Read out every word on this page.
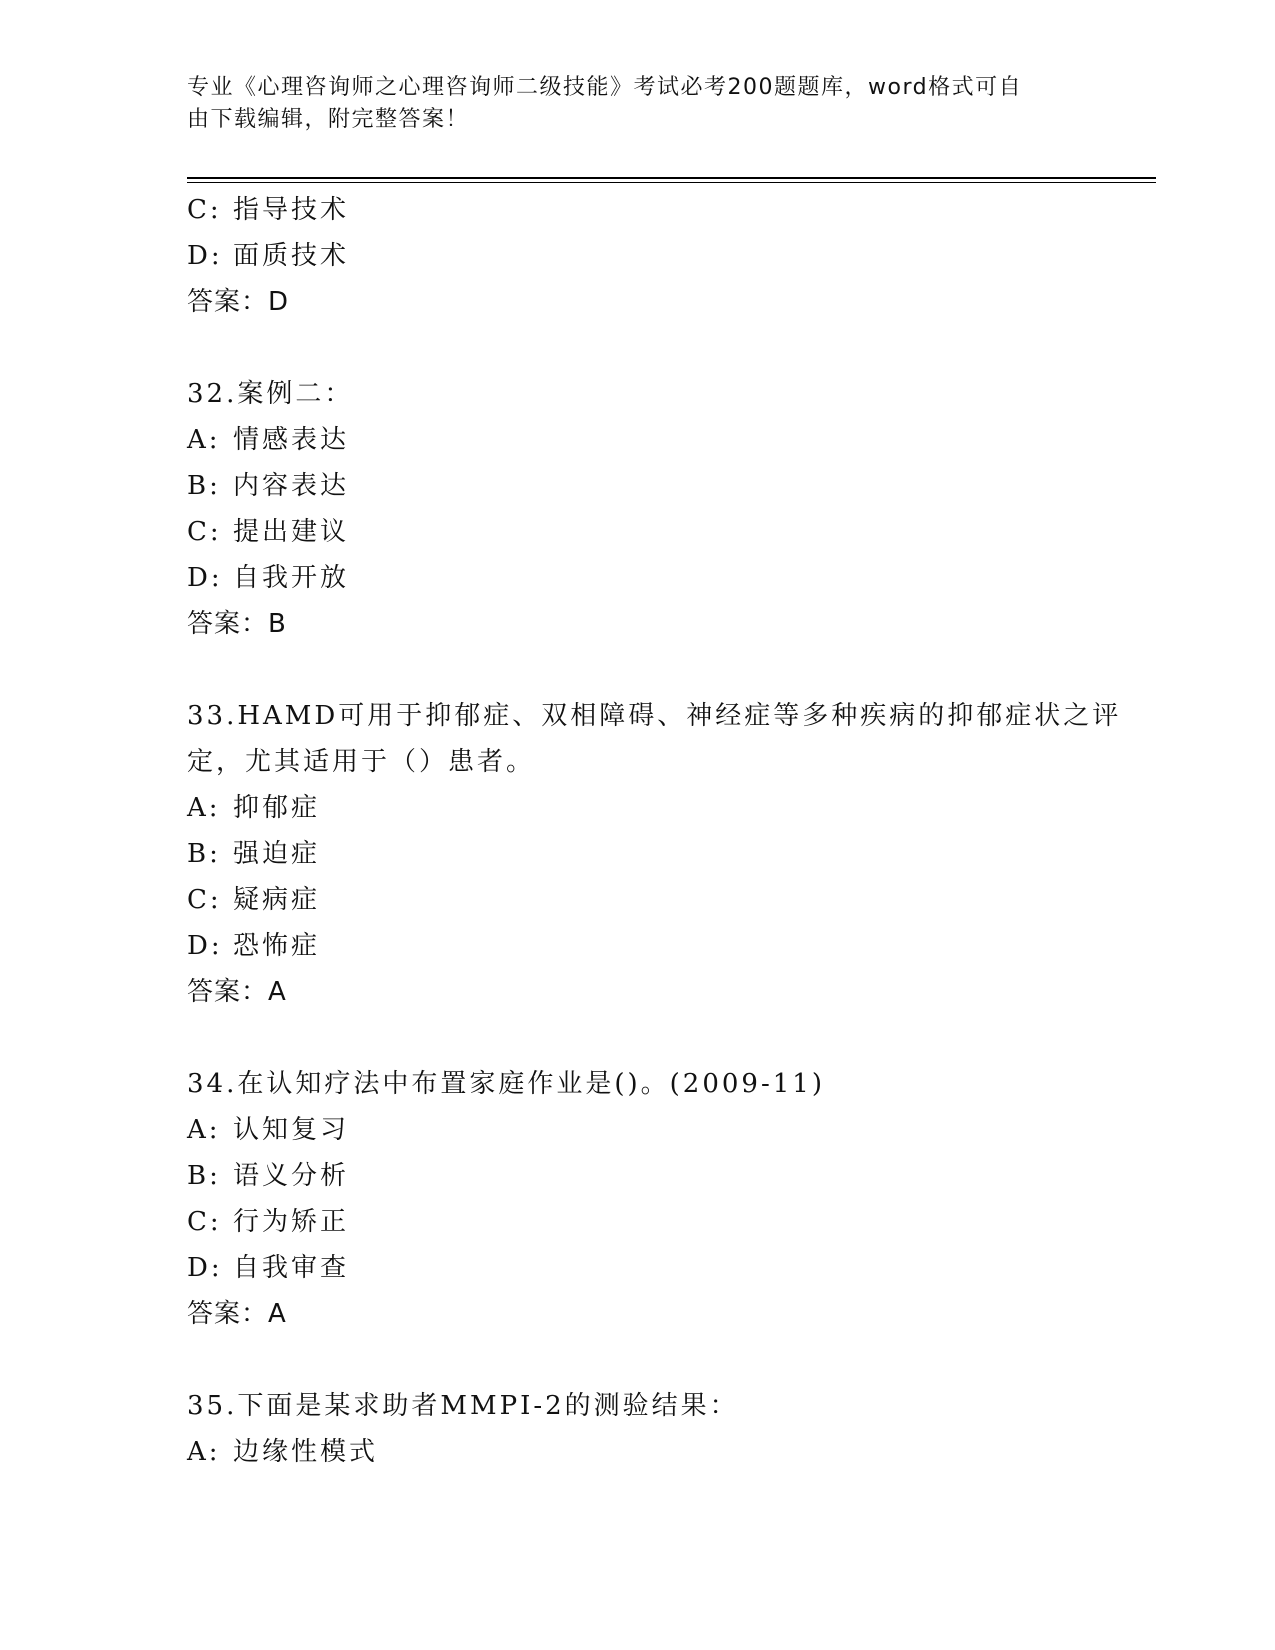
专业《心理咨询师之心理咨询师二级技能》考试必考200题题库，word格式可自
由下载编辑，附完整答案！
C: 指导技术
D: 面质技术
答案：D
32.案例二：
A: 情感表达
B: 内容表达
C: 提出建议
D: 自我开放
答案：B
33.HAMD可用于抑郁症、双相障碍、神经症等多种疾病的抑郁症状之评
定，尤其适用于（）患者。
A: 抑郁症
B: 强迫症
C: 疑病症
D: 恐怖症
答案：A
34.在认知疗法中布置家庭作业是()。(2009-11)
A: 认知复习
B: 语义分析
C: 行为矫正
D: 自我审查
答案：A
35.下面是某求助者MMPI-2的测验结果：
A: 边缘性模式
